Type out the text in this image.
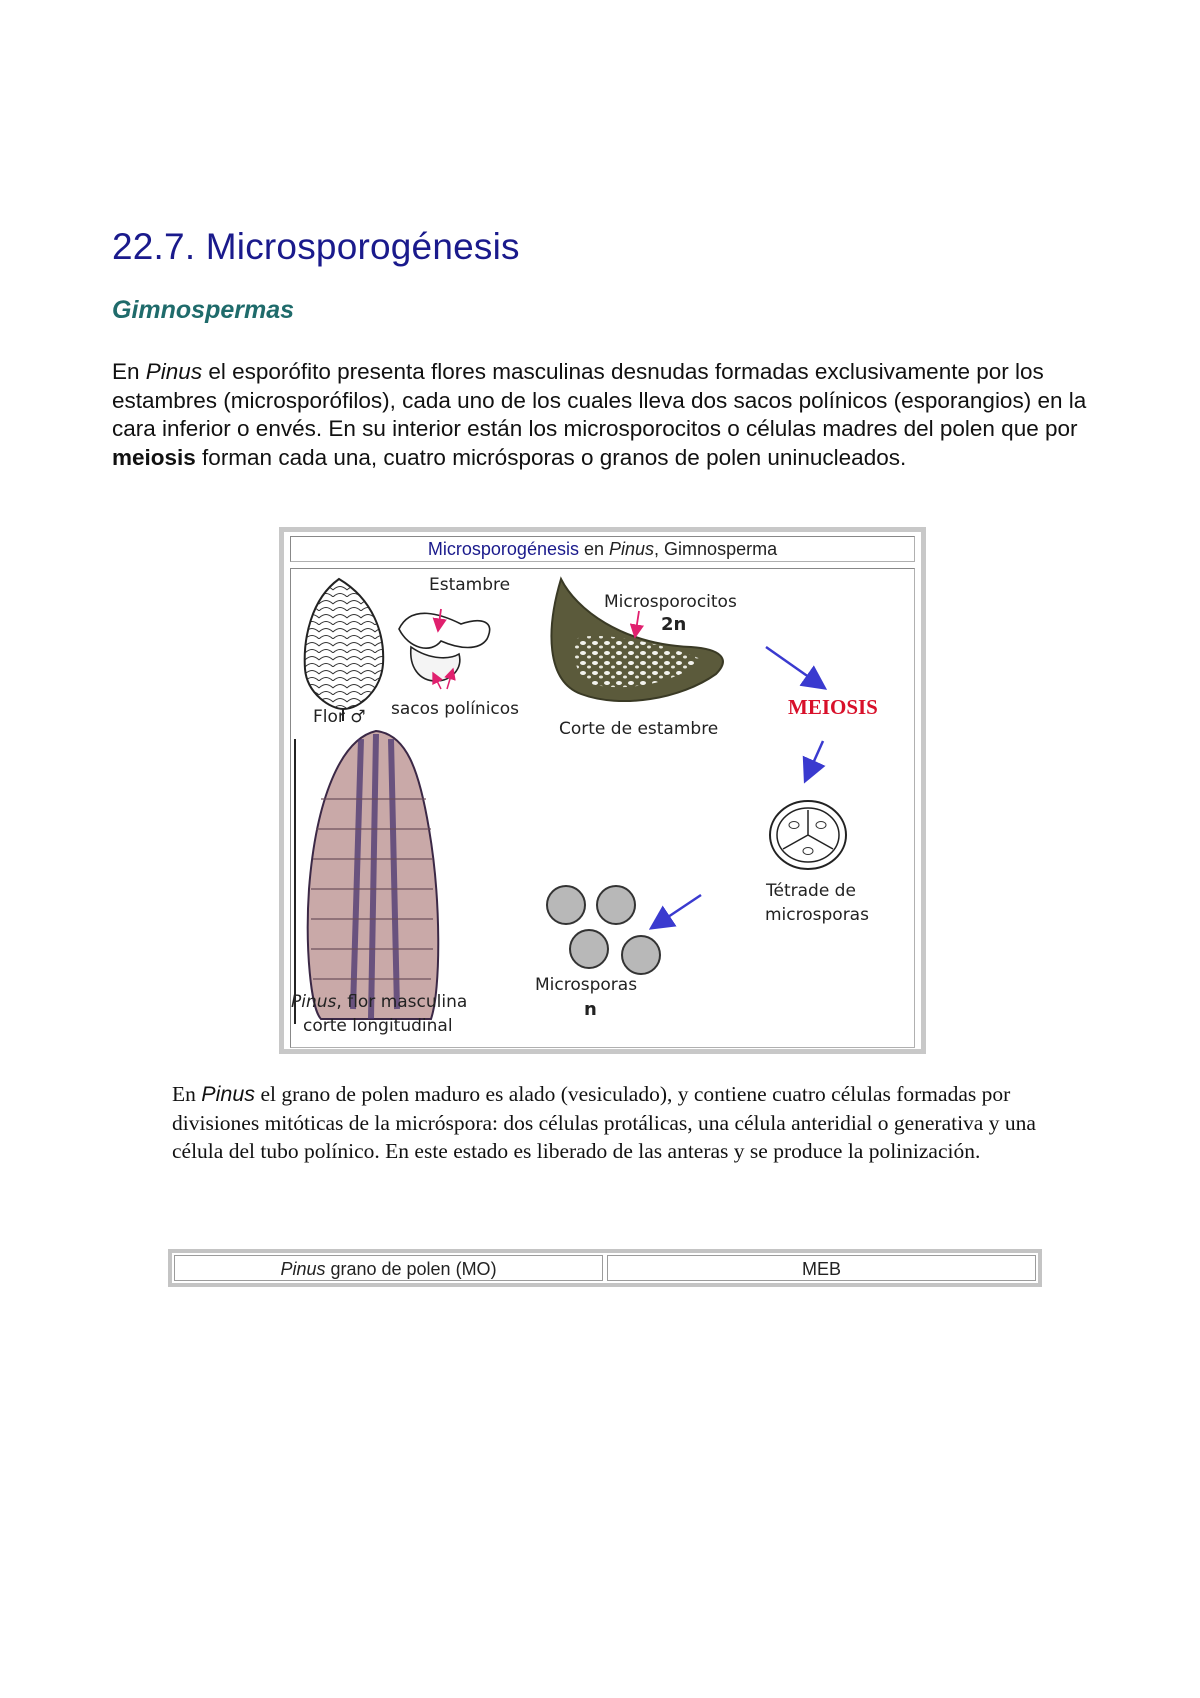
22.7. Microsporogénesis
Gimnospermas

En Pinus el esporófito presenta flores masculinas desnudas formadas exclusivamente por los estambres (microsporófilos), cada uno de los cuales lleva dos sacos polínicos (esporangios) en la cara inferior o envés. En su interior están los microsporocitos o células madres del polen que por meiosis forman cada una, cuatro micrósporas o granos de polen uninucleados.

Microsporogénesis en Pinus, Gimnosperma
Estambre
sacos polínicos
Flor ♂
Microsporocitos
2n
Corte de estambre
MEIOSIS
Tétrade de
microsporas
Microsporas
n
Pinus, flor masculina
corte longitudinal

En Pinus el grano de polen maduro es alado (vesiculado), y contiene cuatro células formadas por divisiones mitóticas de la micróspora: dos células protálicas, una célula anteridial o generativa y una célula del tubo polínico. En este estado es liberado de las anteras y se produce la polinización.

Pinus grano de polen (MO)	MEB
